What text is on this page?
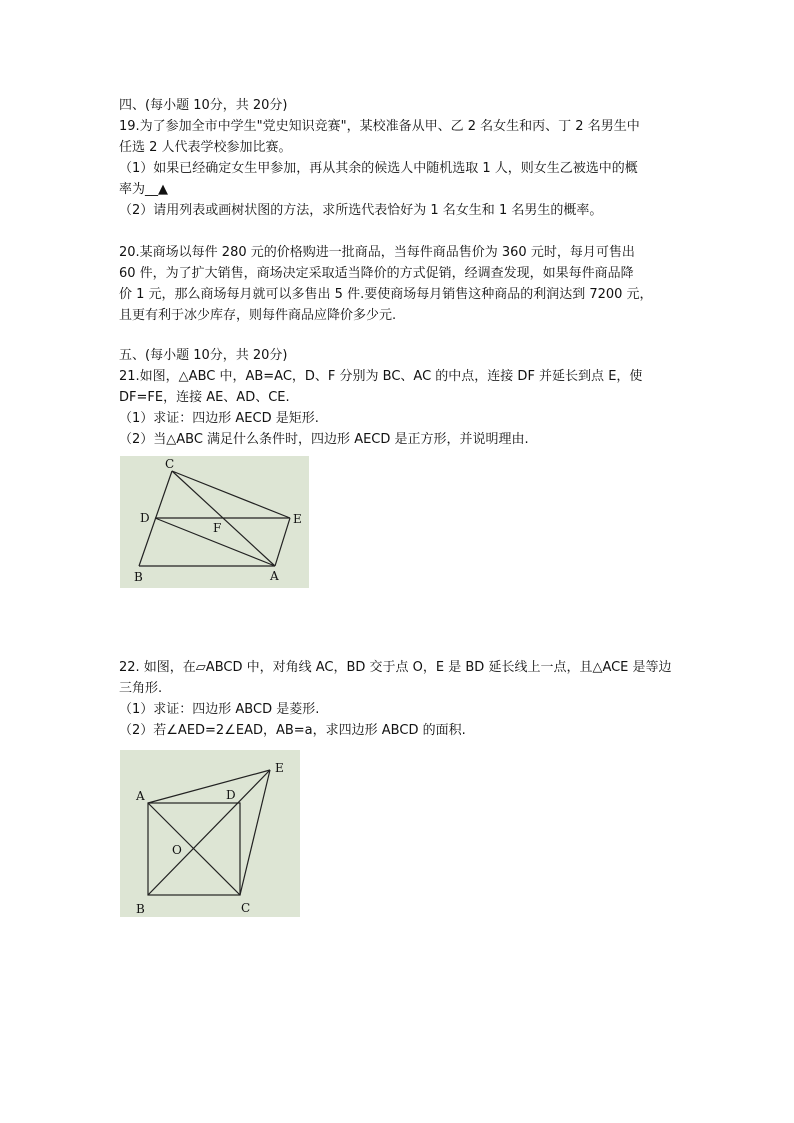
四、(每小题 10分，共 20分)
19.为了参加全市中学生"党史知识竞赛"，某校准备从甲、乙 2 名女生和丙、丁 2 名男生中
任选 2 人代表学校参加比赛。
（1）如果已经确定女生甲参加，再从其余的候选人中随机选取 1 人，则女生乙被选中的概
率为__▲
（2）请用列表或画树状图的方法，求所选代表恰好为 1 名女生和 1 名男生的概率。
20.某商场以每件 280 元的价格购进一批商品，当每件商品售价为 360 元时，每月可售出
60 件，为了扩大销售，商场决定采取适当降价的方式促销，经调查发现，如果每件商品降
价 1 元，那么商场每月就可以多售出 5 件.要使商场每月销售这种商品的利润达到 7200 元，
且更有利于冰少库存，则每件商品应降价多少元.
五、(每小题 10分，共 20分)
21.如图，△ABC 中，AB=AC，D、F 分别为 BC、AC 的中点，连接 DF 并延长到点 E，使
DF=FE，连接 AE、AD、CE.
（1）求证：四边形 AECD 是矩形.
（2）当△ABC 满足什么条件时，四边形 AECD 是正方形，并说明理由.
C
D	E
F
B	A
22. 如图，在▱ABCD 中，对角线 AC，BD 交于点 O，E 是 BD 延长线上一点，且△ACE 是等边
三角形.
（1）求证：四边形 ABCD 是菱形.
（2）若∠AED=2∠EAD，AB=a，求四边形 ABCD 的面积.
A	D
E
O
B	C
